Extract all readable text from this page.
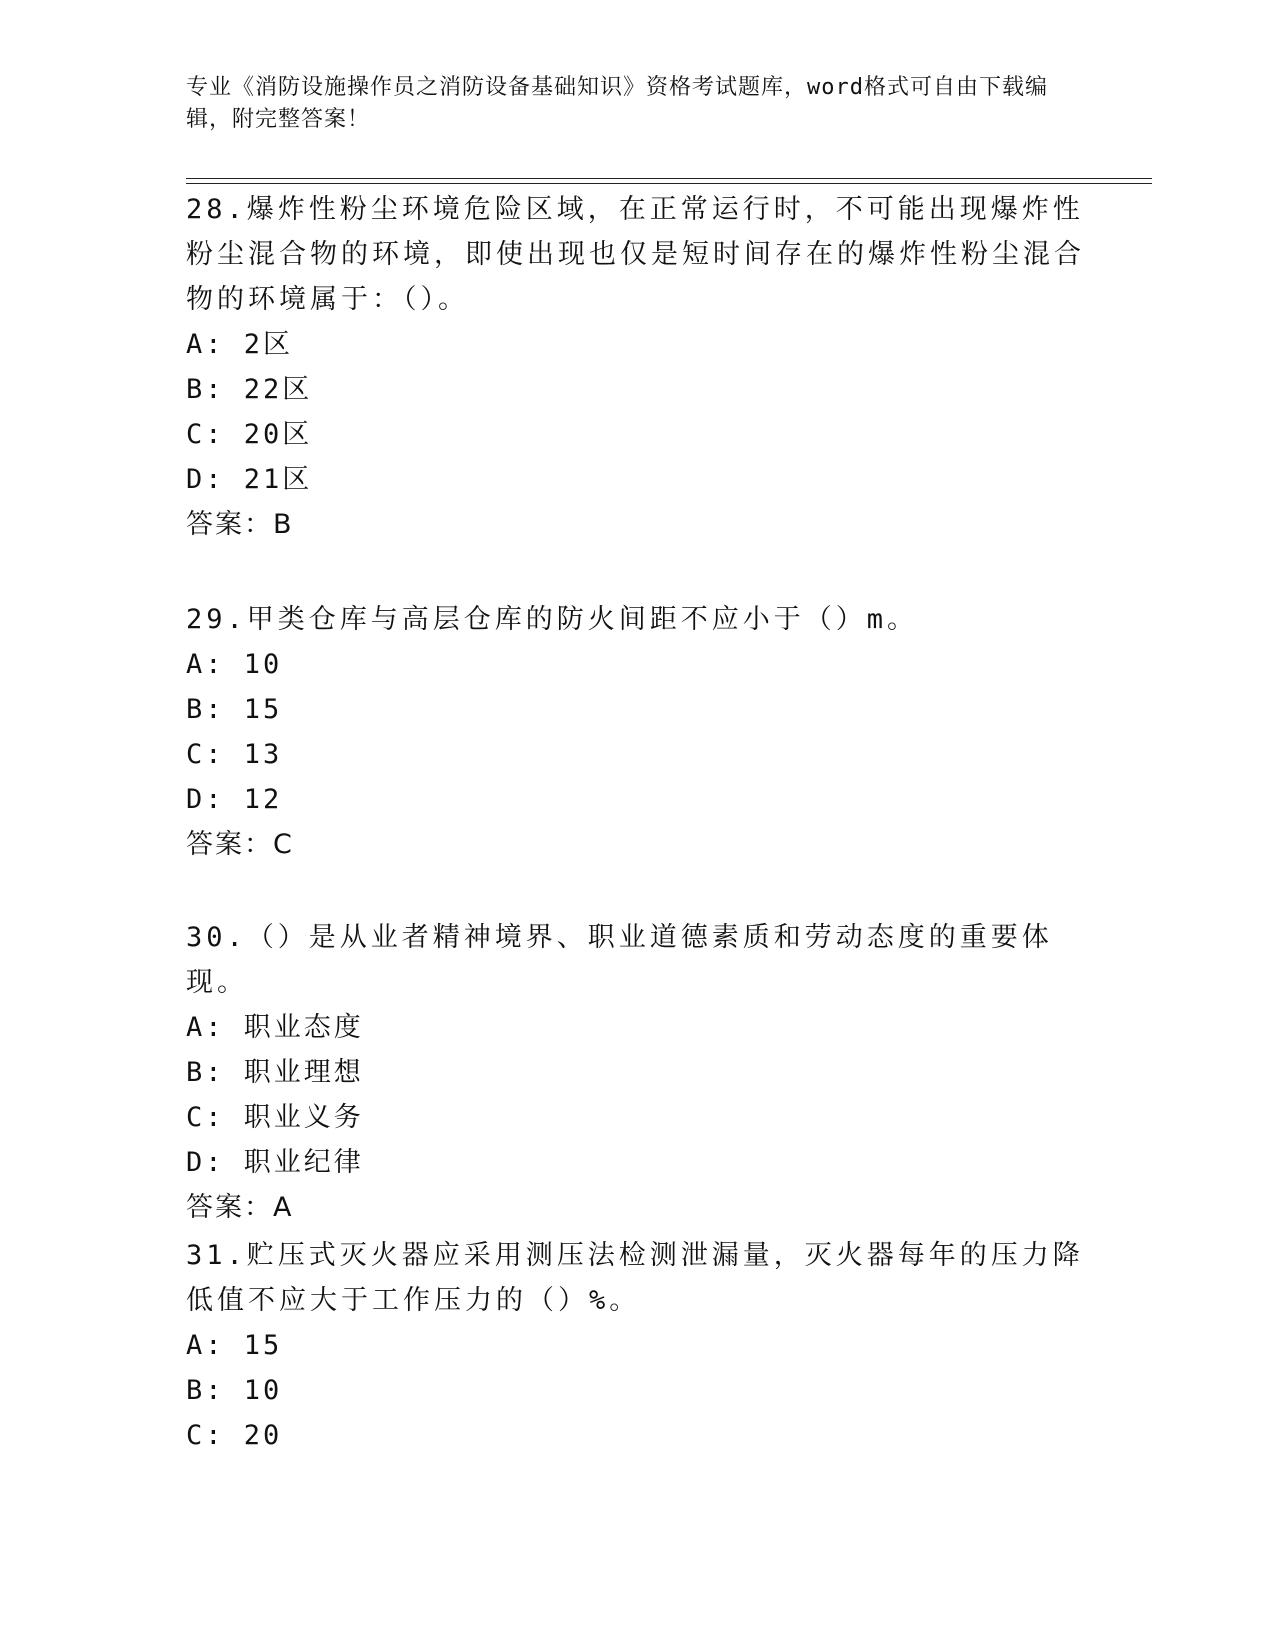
专业《消防设施操作员之消防设备基础知识》资格考试题库，word格式可自由下载编辑，附完整答案！

28.爆炸性粉尘环境危险区域，在正常运行时，不可能出现爆炸性粉尘混合物的环境，即使出现也仅是短时间存在的爆炸性粉尘混合物的环境属于：（）。

A: 2区

B: 22区

C: 20区

D: 21区

答案：B

29.甲类仓库与高层仓库的防火间距不应小于（）m。

A: 10

B: 15

C: 13

D: 12

答案：C

30.（）是从业者精神境界、职业道德素质和劳动态度的重要体现。

A: 职业态度

B: 职业理想

C: 职业义务

D: 职业纪律

答案：A

31.贮压式灭火器应采用测压法检测泄漏量，灭火器每年的压力降低值不应大于工作压力的（）%。

A: 15

B: 10

C: 20
